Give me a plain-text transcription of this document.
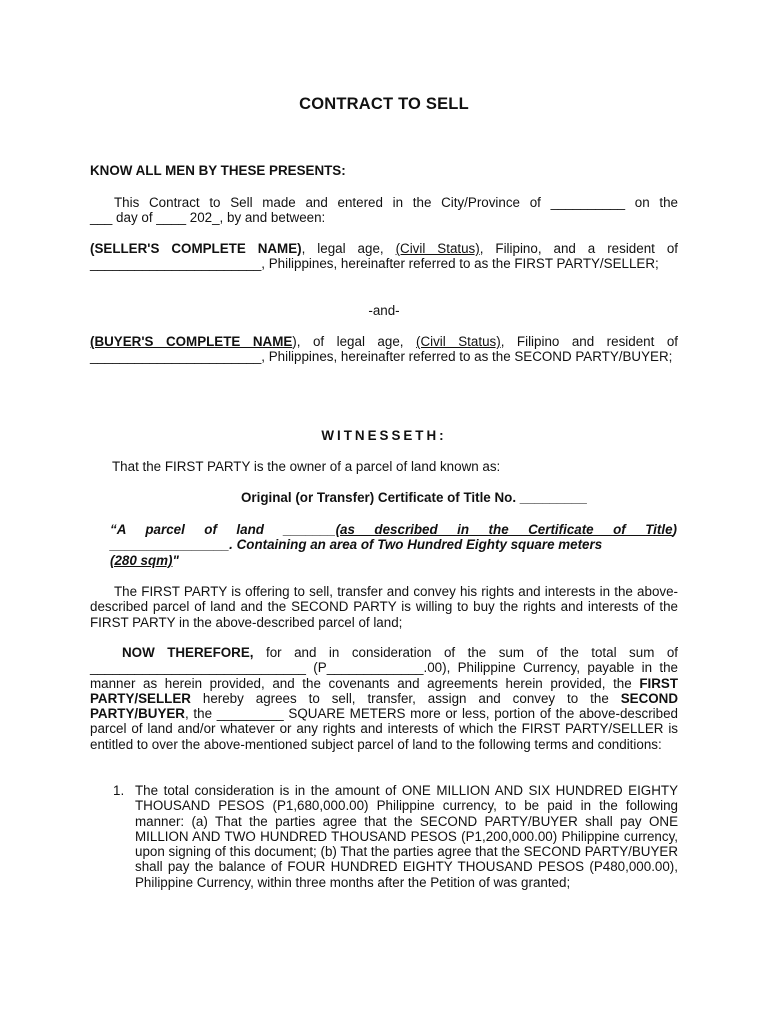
CONTRACT TO SELL
KNOW ALL MEN BY THESE PRESENTS:
This Contract to Sell made and entered in the City/Province of __________ on the
___ day of ____ 202_, by and between:
(SELLER'S COMPLETE NAME), legal age, (Civil Status), Filipino, and a resident of _______________________, Philippines, hereinafter referred to as the FIRST PARTY/SELLER;
-and-
(BUYER'S COMPLETE NAME), of legal age, (Civil Status), Filipino and resident of _______________________, Philippines, hereinafter referred to as the SECOND PARTY/BUYER;
WITNESSETH:
That the FIRST PARTY is the owner of a parcel of land known as:
Original (or Transfer) Certificate of Title No. _________
“A parcel of land _______(as described in the Certificate of Title)
________________. Containing an area of Two Hundred Eighty square meters
(280 sqm)"
The FIRST PARTY is offering to sell, transfer and convey his rights and interests in the above-described parcel of land and the SECOND PARTY is willing to buy the rights and interests of the FIRST PARTY in the above-described parcel of land;
NOW THEREFORE, for and in consideration of the sum of the total sum of _____________________________ (P_____________.00), Philippine Currency, payable in the manner as herein provided, and the covenants and agreements herein provided, the FIRST PARTY/SELLER hereby agrees to sell, transfer, assign and convey to the SECOND PARTY/BUYER, the _________ SQUARE METERS more or less, portion of the above-described parcel of land and/or whatever or any rights and interests of which the FIRST PARTY/SELLER is entitled to over the above-mentioned subject parcel of land to the following terms and conditions:
1. The total consideration is in the amount of ONE MILLION AND SIX HUNDRED EIGHTY THOUSAND PESOS (P1,680,000.00) Philippine currency, to be paid in the following manner: (a) That the parties agree that the SECOND PARTY/BUYER shall pay ONE MILLION AND TWO HUNDRED THOUSAND PESOS (P1,200,000.00) Philippine currency, upon signing of this document; (b) That the parties agree that the SECOND PARTY/BUYER shall pay the balance of FOUR HUNDRED EIGHTY THOUSAND PESOS (P480,000.00), Philippine Currency, within three months after the Petition of was granted;
